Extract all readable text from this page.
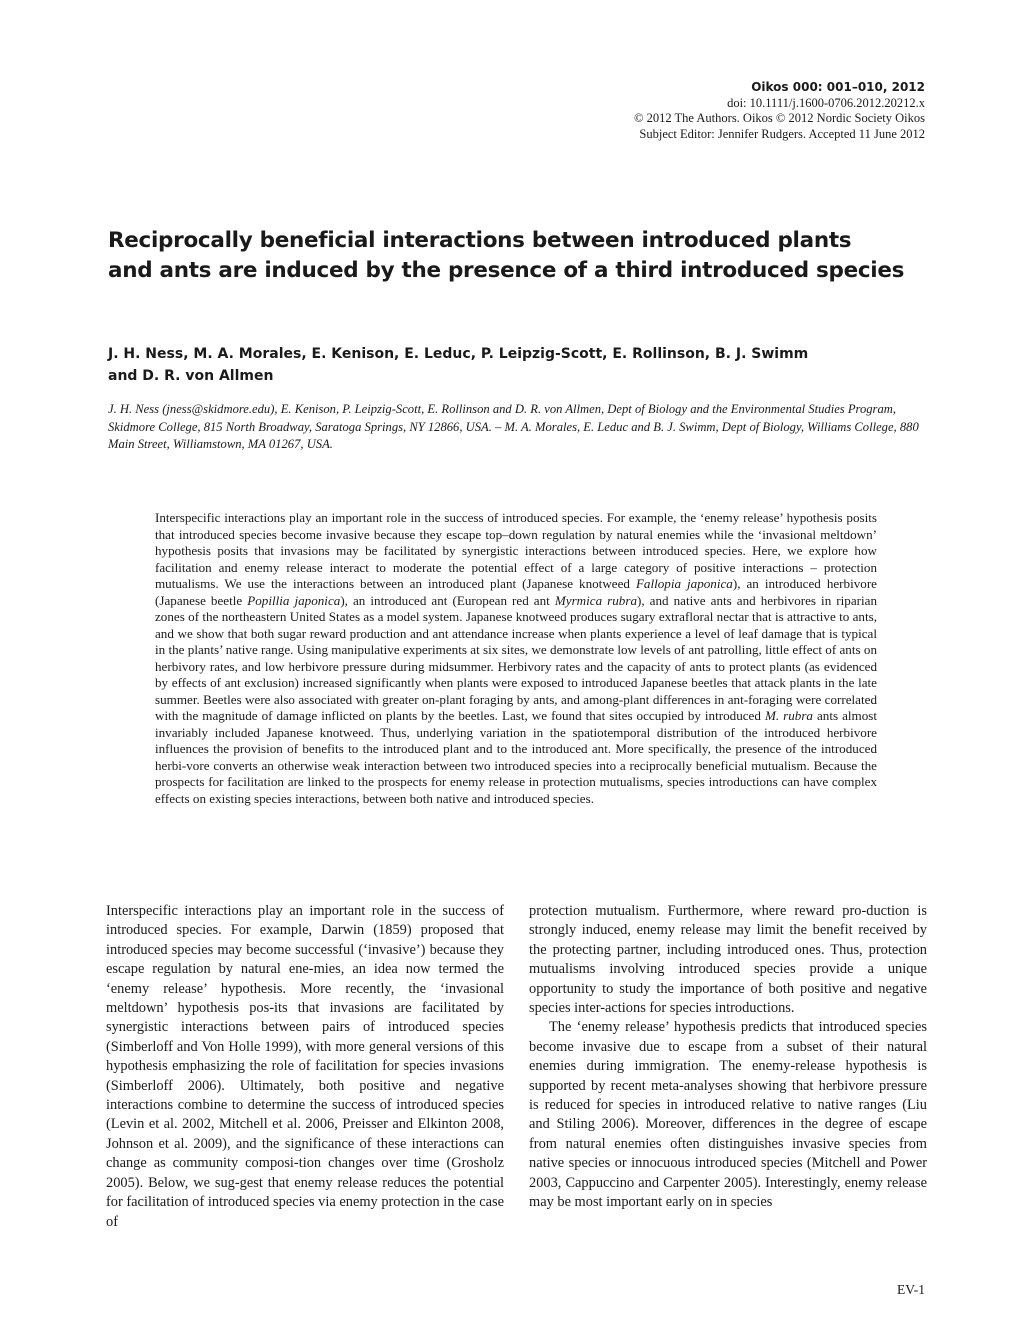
Oikos 000: 001–010, 2012
doi: 10.1111/j.1600-0706.2012.20212.x
© 2012 The Authors. Oikos © 2012 Nordic Society Oikos
Subject Editor: Jennifer Rudgers. Accepted 11 June 2012
Reciprocally beneficial interactions between introduced plants
and ants are induced by the presence of a third introduced species
J. H. Ness, M. A. Morales, E. Kenison, E. Leduc, P. Leipzig-Scott, E. Rollinson, B. J. Swimm
and D. R. von Allmen

J. H. Ness (jness@skidmore.edu), E. Kenison, P. Leipzig-Scott, E. Rollinson and D. R. von Allmen, Dept of Biology and the Environmental Studies Program, Skidmore College, 815 North Broadway, Saratoga Springs, NY 12866, USA. – M. A. Morales, E. Leduc and B. J. Swimm, Dept of Biology, Williams College, 880 Main Street, Williamstown, MA 01267, USA.

Interspecific interactions play an important role in the success of introduced species. For example, the ‘enemy release’ hypothesis posits that introduced species become invasive because they escape top–down regulation by natural enemies while the ‘invasional meltdown’ hypothesis posits that invasions may be facilitated by synergistic interactions between introduced species. Here, we explore how facilitation and enemy release interact to moderate the potential effect of a large category of positive interactions – protection mutualisms. We use the interactions between an introduced plant (Japanese knotweed Fallopia japonica), an introduced herbivore (Japanese beetle Popillia japonica), an introduced ant (European red ant Myrmica rubra), and native ants and herbivores in riparian zones of the northeastern United States as a model system. Japanese knotweed produces sugary extrafloral nectar that is attractive to ants, and we show that both sugar reward production and ant attendance increase when plants experience a level of leaf damage that is typical in the plants’ native range. Using manipulative experiments at six sites, we demonstrate low levels of ant patrolling, little effect of ants on herbivory rates, and low herbivore pressure during midsummer. Herbivory rates and the capacity of ants to protect plants (as evidenced by effects of ant exclusion) increased significantly when plants were exposed to introduced Japanese beetles that attack plants in the late summer. Beetles were also associated with greater on-plant foraging by ants, and among-plant differences in ant-foraging were correlated with the magnitude of damage inflicted on plants by the beetles. Last, we found that sites occupied by introduced M. rubra ants almost invariably included Japanese knotweed. Thus, underlying variation in the spatiotemporal distribution of the introduced herbivore influences the provision of benefits to the introduced plant and to the introduced ant. More specifically, the presence of the introduced herbi-vore converts an otherwise weak interaction between two introduced species into a reciprocally beneficial mutualism. Because the prospects for facilitation are linked to the prospects for enemy release in protection mutualisms, species introductions can have complex effects on existing species interactions, between both native and introduced species.

Interspecific interactions play an important role in the success of introduced species. For example, Darwin (1859) proposed that introduced species may become successful (‘invasive’) because they escape regulation by natural ene-mies, an idea now termed the ‘enemy release’ hypothesis. More recently, the ‘invasional meltdown’ hypothesis pos-its that invasions are facilitated by synergistic interactions between pairs of introduced species (Simberloff and Von Holle 1999), with more general versions of this hypothesis emphasizing the role of facilitation for species invasions (Simberloff 2006). Ultimately, both positive and negative interactions combine to determine the success of introduced species (Levin et al. 2002, Mitchell et al. 2006, Preisser and Elkinton 2008, Johnson et al. 2009), and the significance of these interactions can change as community composi-tion changes over time (Grosholz 2005). Below, we sug-gest that enemy release reduces the potential for facilitation of introduced species via enemy protection in the case of

protection mutualism. Furthermore, where reward pro-duction is strongly induced, enemy release may limit the benefit received by the protecting partner, including introduced ones. Thus, protection mutualisms involving introduced species provide a unique opportunity to study the importance of both positive and negative species inter-actions for species introductions.

The ‘enemy release’ hypothesis predicts that introduced species become invasive due to escape from a subset of their natural enemies during immigration. The enemy-release hypothesis is supported by recent meta-analyses showing that herbivore pressure is reduced for species in introduced relative to native ranges (Liu and Stiling 2006). Moreover, differences in the degree of escape from natural enemies often distinguishes invasive species from native species or innocuous introduced species (Mitchell and Power 2003, Cappuccino and Carpenter 2005). Interestingly, enemy release may be most important early on in species

EV-1
